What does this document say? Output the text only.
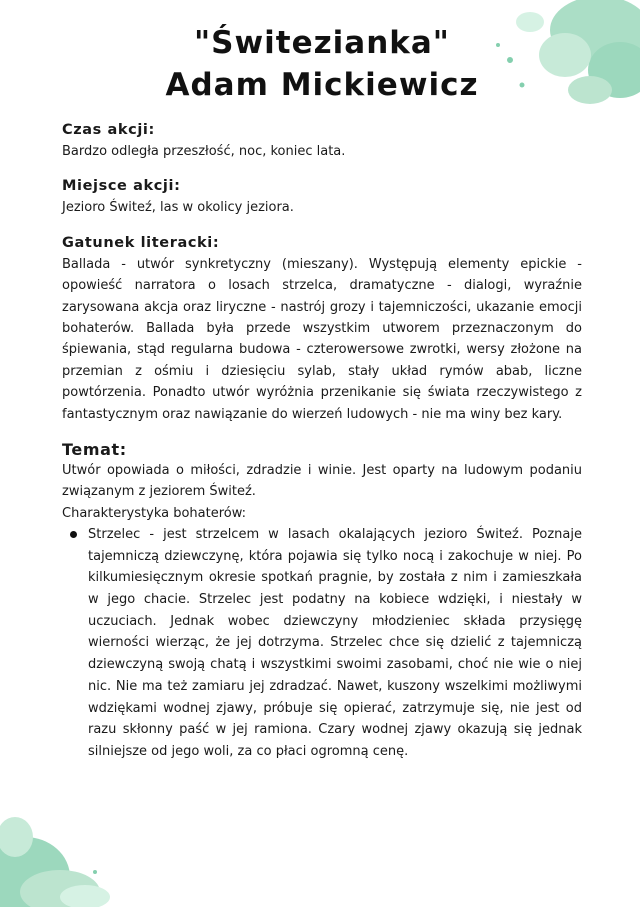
"Świtezianka"
Adam Mickiewicz
Czas akcji:
Bardzo odległa przeszłość, noc, koniec lata.
Miejsce akcji:
Jezioro Świteź, las w okolicy jeziora.
Gatunek literacki:
Ballada - utwór synkretyczny (mieszany). Występują elementy epickie - opowieść narratora o losach strzelca, dramatyczne - dialogi, wyraźnie zarysowana akcja oraz liryczne - nastrój grozy i tajemniczości, ukazanie emocji bohaterów. Ballada była przede wszystkim utworem przeznaczonym do śpiewania, stąd regularna budowa - czterowersowe zwrotki, wersy złożone na przemian z ośmiu i dziesięciu sylab, stały układ rymów abab, liczne powtórzenia. Ponadto utwór wyróżnia przenikanie się świata rzeczywistego z fantastycznym oraz nawiązanie do wierzeń ludowych - nie ma winy bez kary.
Temat:
Utwór opowiada o miłości, zdradzie i winie. Jest oparty na ludowym podaniu związanym z jeziorem Świteź.
Charakterystyka bohaterów:
Strzelec - jest strzelcem w lasach okalających jezioro Świteź. Poznaje tajemniczą dziewczynę, która pojawia się tylko nocą i zakochuje w niej. Po kilkumiesięcznym okresie spotkań pragnie, by została z nim i zamieszkała w jego chacie. Strzelec jest podatny na kobiece wdzięki, i niestały w uczuciach. Jednak wobec dziewczyny młodzieniec składa przysięgę wierności wierząc, że jej dotrzyma. Strzelec chce się dzielić z tajemniczą dziewczyną swoją chatą i wszystkimi swoimi zasobami, choć nie wie o niej nic. Nie ma też zamiaru jej zdradzać. Nawet, kuszony wszelkimi możliwymi wdziękami wodnej zjawy, próbuje się opierać, zatrzymuje się, nie jest od razu skłonny paść w jej ramiona. Czary wodnej zjawy okazują się jednak silniejsze od jego woli, za co płaci ogromną cenę.
